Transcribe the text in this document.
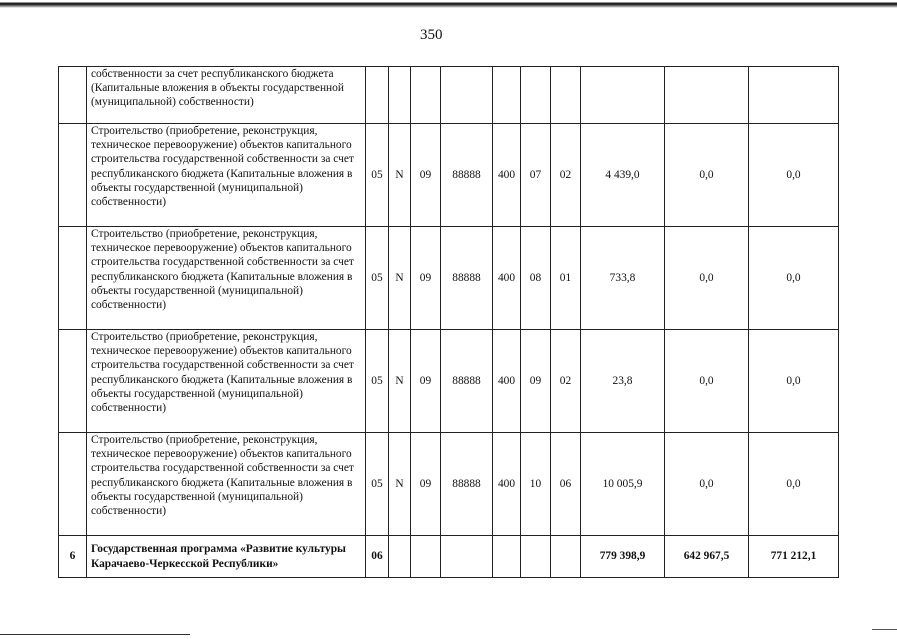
350
	собственности за счет республиканского бюджета (Капитальные вложения в объекты государственной (муниципальной) собственности)										
	Строительство (приобретение, реконструкция, техническое перевооружение) объектов капитального строительства государственной собственности за счет республиканского бюджета (Капитальные вложения в объекты государственной (муниципальной) собственности)	05	N	09	88888	400	07	02	4 439,0	0,0	0,0
	Строительство (приобретение, реконструкция, техническое перевооружение) объектов капитального строительства государственной собственности за счет республиканского бюджета (Капитальные вложения в объекты государственной (муниципальной) собственности)	05	N	09	88888	400	08	01	733,8	0,0	0,0
	Строительство (приобретение, реконструкция, техническое перевооружение) объектов капитального строительства государственной собственности за счет республиканского бюджета (Капитальные вложения в объекты государственной (муниципальной) собственности)	05	N	09	88888	400	09	02	23,8	0,0	0,0
	Строительство (приобретение, реконструкция, техническое перевооружение) объектов капитального строительства государственной собственности за счет республиканского бюджета (Капитальные вложения в объекты государственной (муниципальной) собственности)	05	N	09	88888	400	10	06	10 005,9	0,0	0,0
6	Государственная программа «Развитие культуры Карачаево-Черкесской Республики»	06							779 398,9	642 967,5	771 212,1
